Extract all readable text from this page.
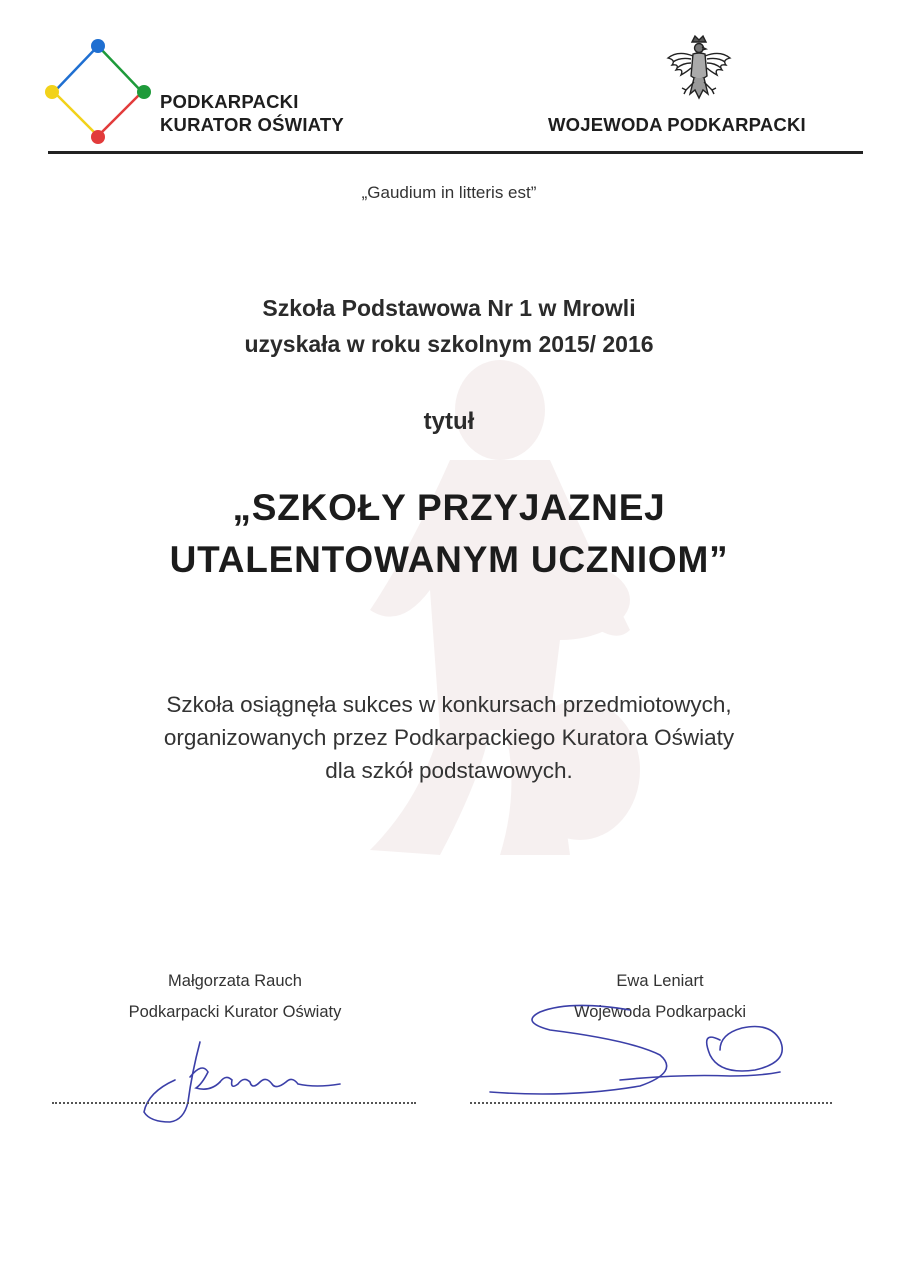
PODKARPACKI
KURATOR OŚWIATY	WOJEWODA PODKARPACKI
„Gaudium in litteris est”
Szkoła Podstawowa Nr 1 w Mrowli
uzyskała w roku szkolnym 2015/ 2016
tytuł
„SZKOŁY PRZYJAZNEJ
UTALENTOWANYM UCZNIOM”
Szkoła osiągnęła sukces w konkursach przedmiotowych,
organizowanych przez Podkarpackiego Kuratora Oświaty
dla szkół podstawowych.
Małgorzata Rauch
Podkarpacki Kurator Oświaty
Ewa Leniart
Wojewoda Podkarpacki
